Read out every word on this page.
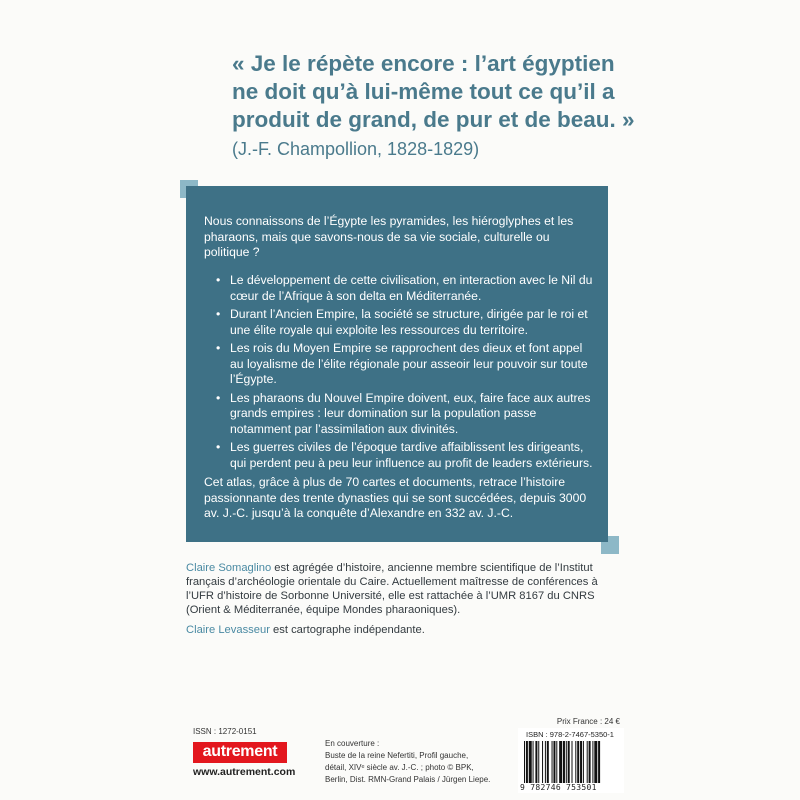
« Je le répète encore : l’art égyptien
ne doit qu’à lui-même tout ce qu’il a
produit de grand, de pur et de beau. »
(J.-F. Champollion, 1828-1829)

Nous connaissons de l’Égypte les pyramides, les hiéroglyphes et les pharaons, mais que savons-nous de sa vie sociale, culturelle ou politique ?

• Le développement de cette civilisation, en interaction avec le Nil du cœur de l’Afrique à son delta en Méditerranée.
• Durant l’Ancien Empire, la société se structure, dirigée par le roi et une élite royale qui exploite les ressources du territoire.
• Les rois du Moyen Empire se rapprochent des dieux et font appel au loyalisme de l’élite régionale pour asseoir leur pouvoir sur toute l’Égypte.
• Les pharaons du Nouvel Empire doivent, eux, faire face aux autres grands empires : leur domination sur la population passe notamment par l’assimilation aux divinités.
• Les guerres civiles de l’époque tardive affaiblissent les dirigeants, qui perdent peu à peu leur influence au profit de leaders extérieurs.

Cet atlas, grâce à plus de 70 cartes et documents, retrace l’histoire passionnante des trente dynasties qui se sont succédées, depuis 3000 av. J.-C. jusqu’à la conquête d’Alexandre en 332 av. J.-C.

Claire Somaglino est agrégée d’histoire, ancienne membre scientifique de l’Institut français d’archéologie orientale du Caire. Actuellement maîtresse de conférences à l’UFR d’histoire de Sorbonne Université, elle est rattachée à l’UMR 8167 du CNRS (Orient & Méditerranée, équipe Mondes pharaoniques).

Claire Levasseur est cartographe indépendante.

ISSN : 1272-0151
autrement
www.autrement.com
En couverture :
Buste de la reine Nefertiti, Profil gauche,
détail, XIVᵉ siècle av. J.-C. ; photo © BPK,
Berlin, Dist. RMN-Grand Palais / Jürgen Liepe.
Prix France : 24 €
ISBN : 978-2-7467-5350-1
9 782746 753501
